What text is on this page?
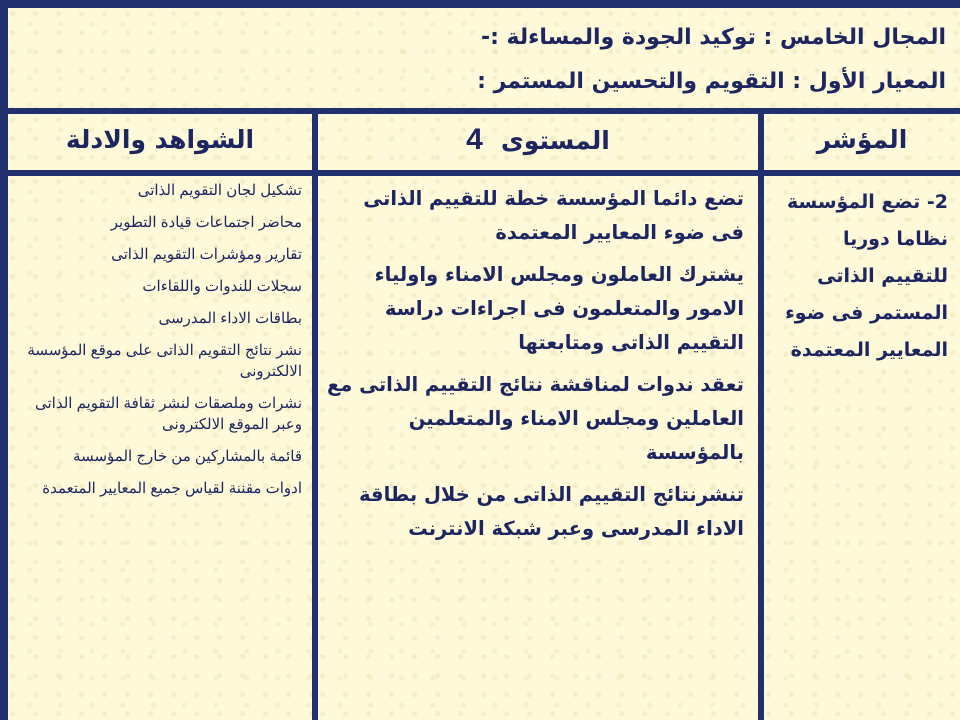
المجال الخامس : توكيد الجودة والمساءلة :-
المعيار الأول : التقويم والتحسين المستمر :
المؤشر
المستوى4
الشواهد والادلة
2- تضع المؤسسة نظاما دوريا للتقييم الذاتى المستمر فى ضوء المعايير المعتمدة
تضع دائما المؤسسة خطة للتقييم الذاتى فى ضوء المعايير المعتمدة
يشترك العاملون ومجلس الامناء واولياء الامور والمتعلمون فى اجراءات دراسة التقييم الذاتى ومتابعتها
تعقد ندوات لمناقشة نتائج التقييم الذاتى مع العاملين ومجلس الامناء والمتعلمين بالمؤسسة
تنشرنتائج التقييم الذاتى من خلال بطاقة الاداء المدرسى وعبر شبكة الانترنت
تشكيل لجان التقويم الذاتى
محاضر اجتماعات قيادة التطوير
تقارير ومؤشرات التقويم الذاتى
سجلات للندوات واللقاءات
بطاقات الاداء المدرسى
نشر نتائج التقويم الذاتى على موقع المؤسسة الالكترونى
نشرات وملصقات لنشر ثقافة التقويم الذاتى وعبر الموقع الالكترونى
قائمة بالمشاركين من خارج المؤسسة
ادوات مقننة لقياس جميع المعايير المتعمدة
